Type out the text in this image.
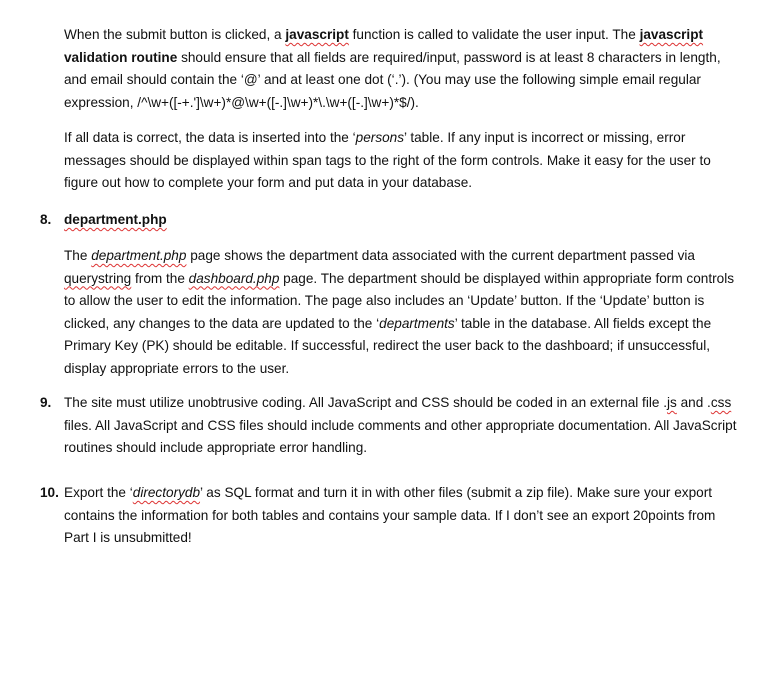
When the submit button is clicked, a javascript function is called to validate the user input. The javascript validation routine should ensure that all fields are required/input, password is at least 8 characters in length, and email should contain the ‘@’ and at least one dot (‘.’). (You may use the following simple email regular expression, /^\w+([-+.']\w+)*@\w+([-.]\w+)*\.\w+([-.]\w+)*$/).

If all data is correct, the data is inserted into the ‘persons’ table. If any input is incorrect or missing, error messages should be displayed within span tags to the right of the form controls. Make it easy for the user to figure out how to complete your form and put data in your database.

8. department.php

The department.php page shows the department data associated with the current department passed via querystring from the dashboard.php page. The department should be displayed within appropriate form controls to allow the user to edit the information. The page also includes an ‘Update’ button. If the ‘Update’ button is clicked, any changes to the data are updated to the ‘departments’ table in the database. All fields except the Primary Key (PK) should be editable. If successful, redirect the user back to the dashboard; if unsuccessful, display appropriate errors to the user.

9. The site must utilize unobtrusive coding. All JavaScript and CSS should be coded in an external file .js and .css files. All JavaScript and CSS files should include comments and other appropriate documentation. All JavaScript routines should include appropriate error handling.

10. Export the ‘directorydb’ as SQL format and turn it in with other files (submit a zip file). Make sure your export contains the information for both tables and contains your sample data. If I don’t see an export 20points from Part I is unsubmitted!
